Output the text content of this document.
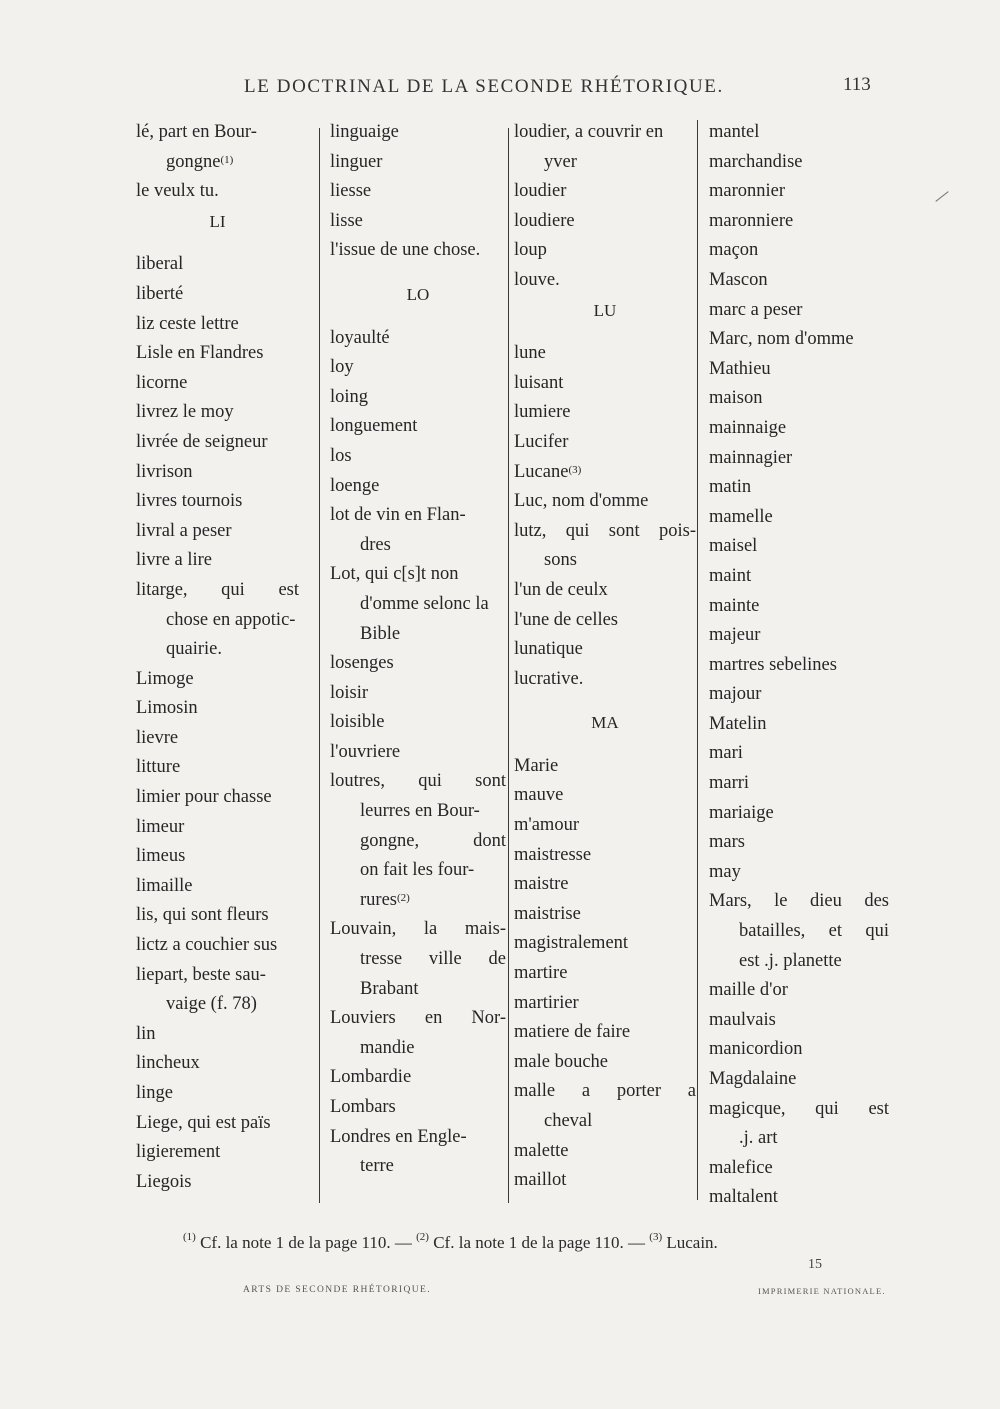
LE DOCTRINAL DE LA SECONDE RHÉTORIQUE.	113
lé, part en Bour-
gongne$^{(1)}$
le veulx tu.
LI
liberal
liberté
liz ceste lettre
Lisle en Flandres
licorne
livrez le moy
livrée de seigneur
livrison
livres tournois
livral a peser
livre a lire
litarge, qui est
chose en appotic-
quairie.
Limoge
Limosin
lievre
litture
limier pour chasse
limeur
limeus
limaille
lis, qui sont fleurs
lictz a couchier sus
liepart, beste sau-
vaige (f. 78)
lin
lincheux
linge
Liege, qui est païs
ligierement
Liegois
linguaige
linguer
liesse
lisse
l'issue de une chose.
LO
loyaulté
loy
loing
longuement
los
loenge
lot de vin en Flan-
dres
Lot, qui c[s]t non
d'omme selonc la
Bible
losenges
loisir
loisible
l'ouvriere
loutres, qui sont
leurres en Bour-
gongne,	dont
on fait les four-
rures$^{(2)}$
Louvain, la mais-
tresse ville de
Brabant
Louviers en Nor-
mandie
Lombardie
Lombars
Londres en Engle-
terre
loudier, a couvrir en
yver
loudier
loudiere
loup
louve.
LU
lune
luisant
lumiere
Lucifer
Lucane$^{(3)}$
Luc, nom d'omme
lutz, qui sont pois-
sons
l'un de ceulx
l'une de celles
lunatique
lucrative.
MA
Marie
mauve
m'amour
maistresse
maistre
maistrise
magistralement
martire
martirier
matiere de faire
male bouche
malle a porter a
cheval
malette
maillot
mantel
marchandise
maronnier
maronniere
maçon
Mascon
marc a peser
Marc, nom d'omme
Mathieu
maison
mainnaige
mainnagier
matin
mamelle
maisel
maint
mainte
majeur
martres sebelines
majour
Matelin
mari
marri
mariaige
mars
may
Mars, le dieu des
batailles, et qui
est .j. planette
maille d'or
maulvais
manicordion
Magdalaine
magicque, qui est
.j. art
malefice
maltalent
$^{(1)}$ Cf. la note 1 de la page 110. — $^{(2)}$ Cf. la note 1 de la page 110. — $^{(3)}$ Lucain.
ARTS DE SECONDE RHÉTORIQUE.
15
IMPRIMERIE NATIONALE.
